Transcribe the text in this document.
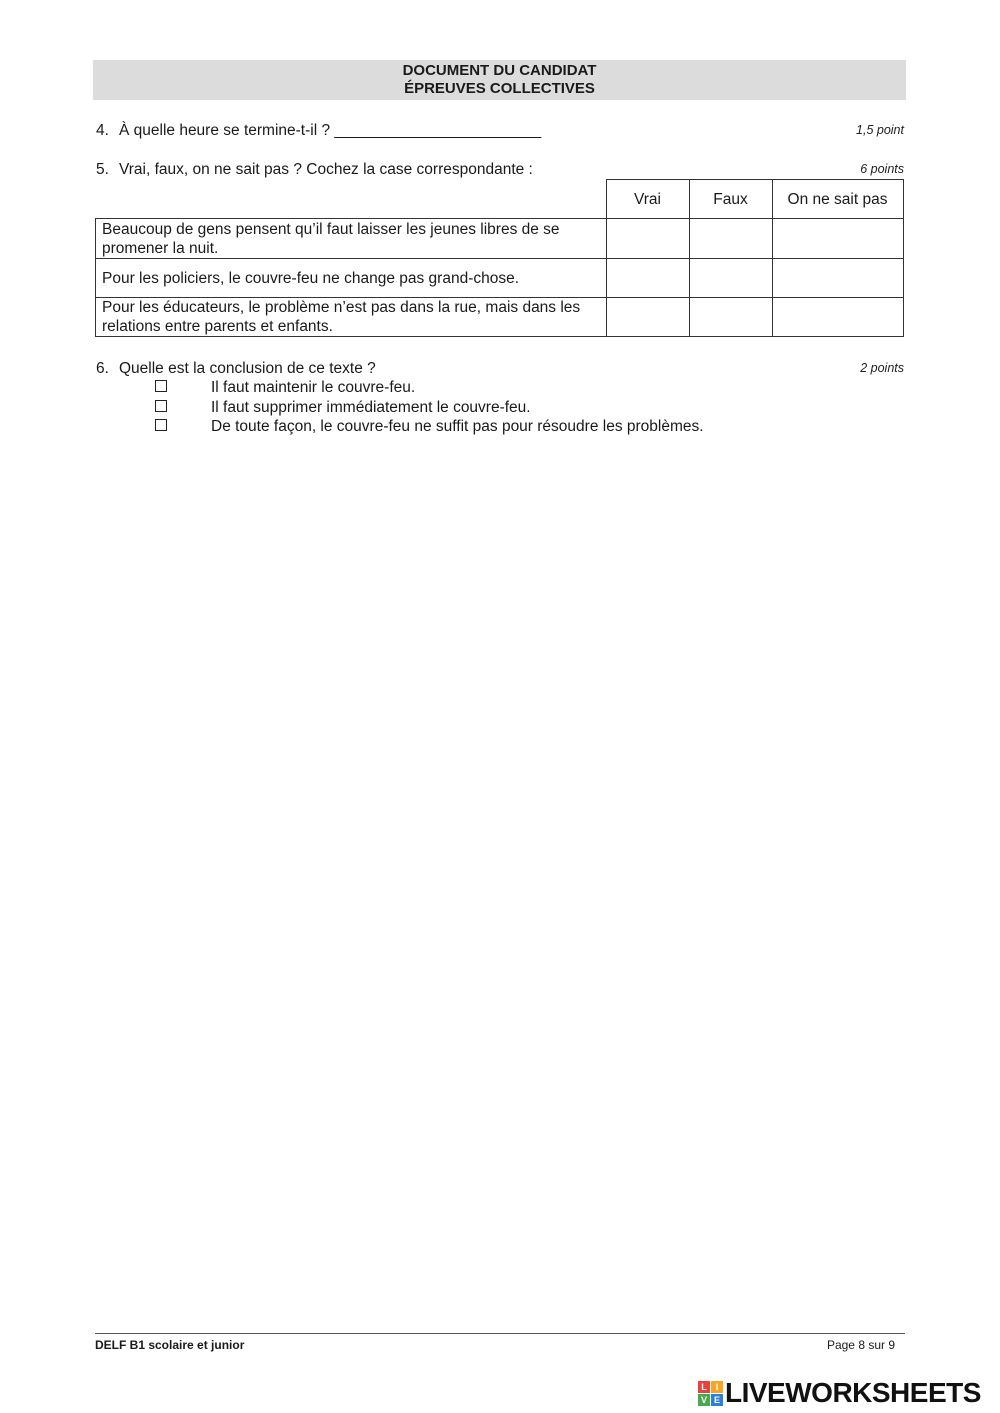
DOCUMENT DU CANDIDAT
ÉPREUVES COLLECTIVES
4. À quelle heure se termine-t-il ? ________________________	1,5 point
5. Vrai, faux, on ne sait pas ? Cochez la case correspondante :	6 points
	Vrai	Faux	On ne sait pas
Beaucoup de gens pensent qu’il faut laisser les jeunes libres de se promener la nuit.			
Pour les policiers, le couvre-feu ne change pas grand-chose.			
Pour les éducateurs, le problème n’est pas dans la rue, mais dans les relations entre parents et enfants.			
6. Quelle est la conclusion de ce texte ?	2 points
Il faut maintenir le couvre-feu.
Il faut supprimer immédiatement le couvre-feu.
De toute façon, le couvre-feu ne suffit pas pour résoudre les problèmes.
DELF B1 scolaire et junior	Page 8 sur 9
L I
V E LIVEWORKSHEETS
